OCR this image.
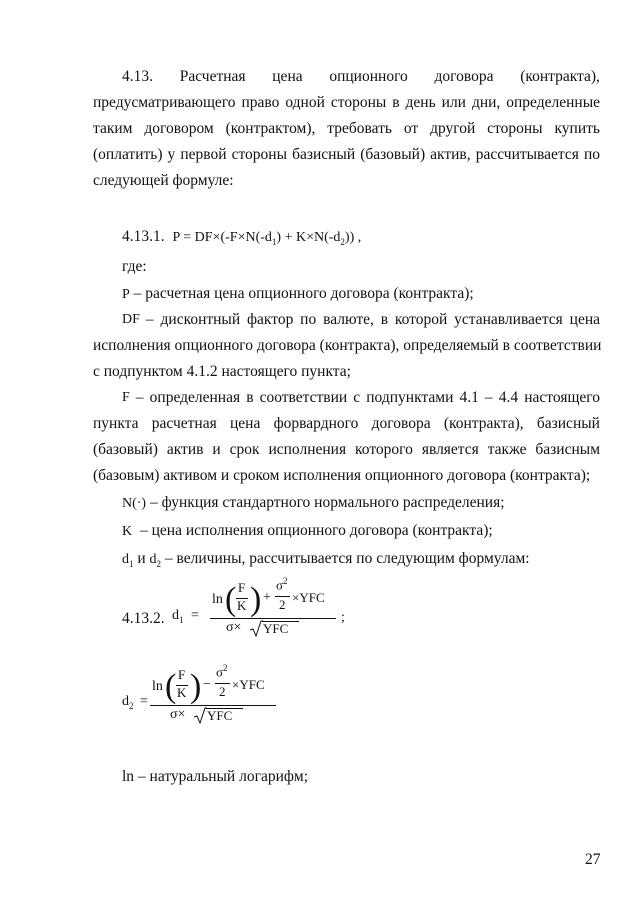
4.13. Расчетная цена опционного договора (контракта),
предусматривающего право одной стороны в день или дни, определенные
таким договором (контрактом), требовать от другой стороны купить
(оплатить) у первой стороны базисный (базовый) актив, рассчитывается по
следующей формуле:
4.13.1. $P = DF\times(-F\times N(-d_1) + K\times N(-d_2))$ ,
где:
P – расчетная цена опционного договора (контракта);
DF – дисконтный фактор по валюте, в которой устанавливается цена
исполнения опционного договора (контракта), определяемый в соответствии
с подпунктом 4.1.2 настоящего пункта;
F – определенная в соответствии с подпунктами 4.1 – 4.4 настоящего
пункта расчетная цена форвардного договора (контракта), базисный
(базовый) актив и срок исполнения которого является также базисным
(базовым) активом и сроком исполнения опционного договора (контракта);
N(·) – функция стандартного нормального распределения;
K – цена исполнения опционного договора (контракта);
$d_1$ и $d_2$ – величины, рассчитывается по следующим формулам:
4.13.2. $d_1$ =
ln ( F
K ) +
$\sigma^2$
2 ×YFC
σ× YFC
;
$d_2$ =
ln ( F
K ) −
$\sigma^2$
2 ×YFC
σ× YFC
ln – натуральный логарифм;
27
